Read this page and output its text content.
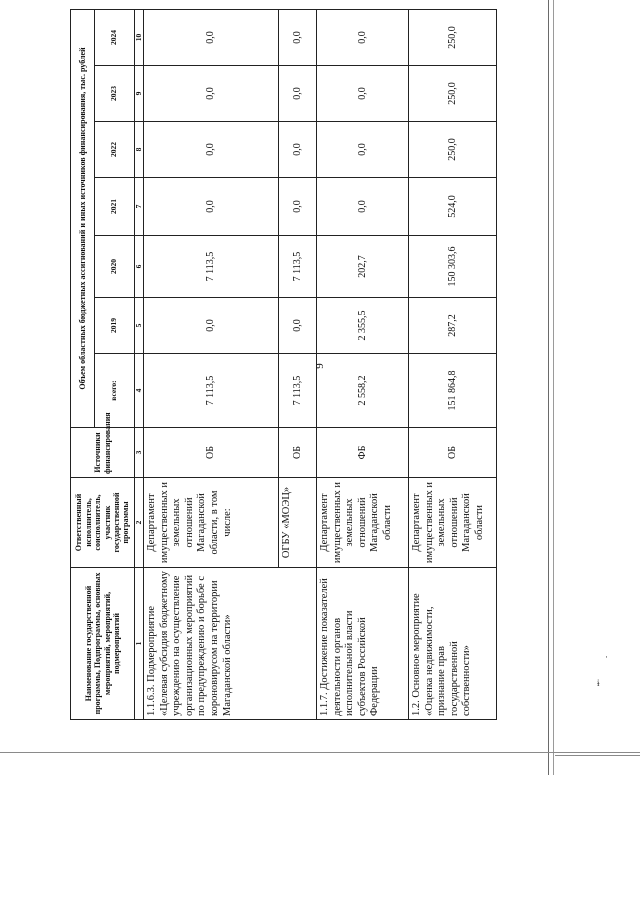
9
ɨ
·
Наименование государственной программы, Подпрограммы, основных мероприятий, мероприятий, подмероприятий	Ответственный исполнитель, соисполнитель, участник государственной программы	Источники финансирования	Объем областных бюджетных ассигнований и иных источников финансирования, тыс. рублей						
			всего:	2019	2020	2021	2022	2023	2024
1	2	3	4	5	6	7	8	9	10
1.1.6.3. Подмероприятие «Целевая субсидия бюджетному учреждению на осуществление организационных мероприятий по предупреждению и борьбе с короновирусом на территории Магаданской области»	Департамент имущественных и земельных отношений Магаданской области, в том числе:	ОБ	7 113,5	0,0	7 113,5	0,0	0,0	0,0	0,0
	ОГБУ «МОЭЦ»	ОБ	7 113,5	0,0	7 113,5	0,0	0,0	0,0	0,0
1.1.7. Достижение показателей деятельности органов исполнительной власти субъектов Российской Федерации	Департамент имущественных и земельных отношений Магаданской области	ФБ	2 558,2	2 355,5	202,7	0,0	0,0	0,0	0,0
1.2. Основное мероприятие «Оценка недвижимости, признание прав государственной собственности»	Департамент имущественных и земельных отношений Магаданской области	ОБ	151 864,8	287,2	150 303,6	524,0	250,0	250,0	250,0
